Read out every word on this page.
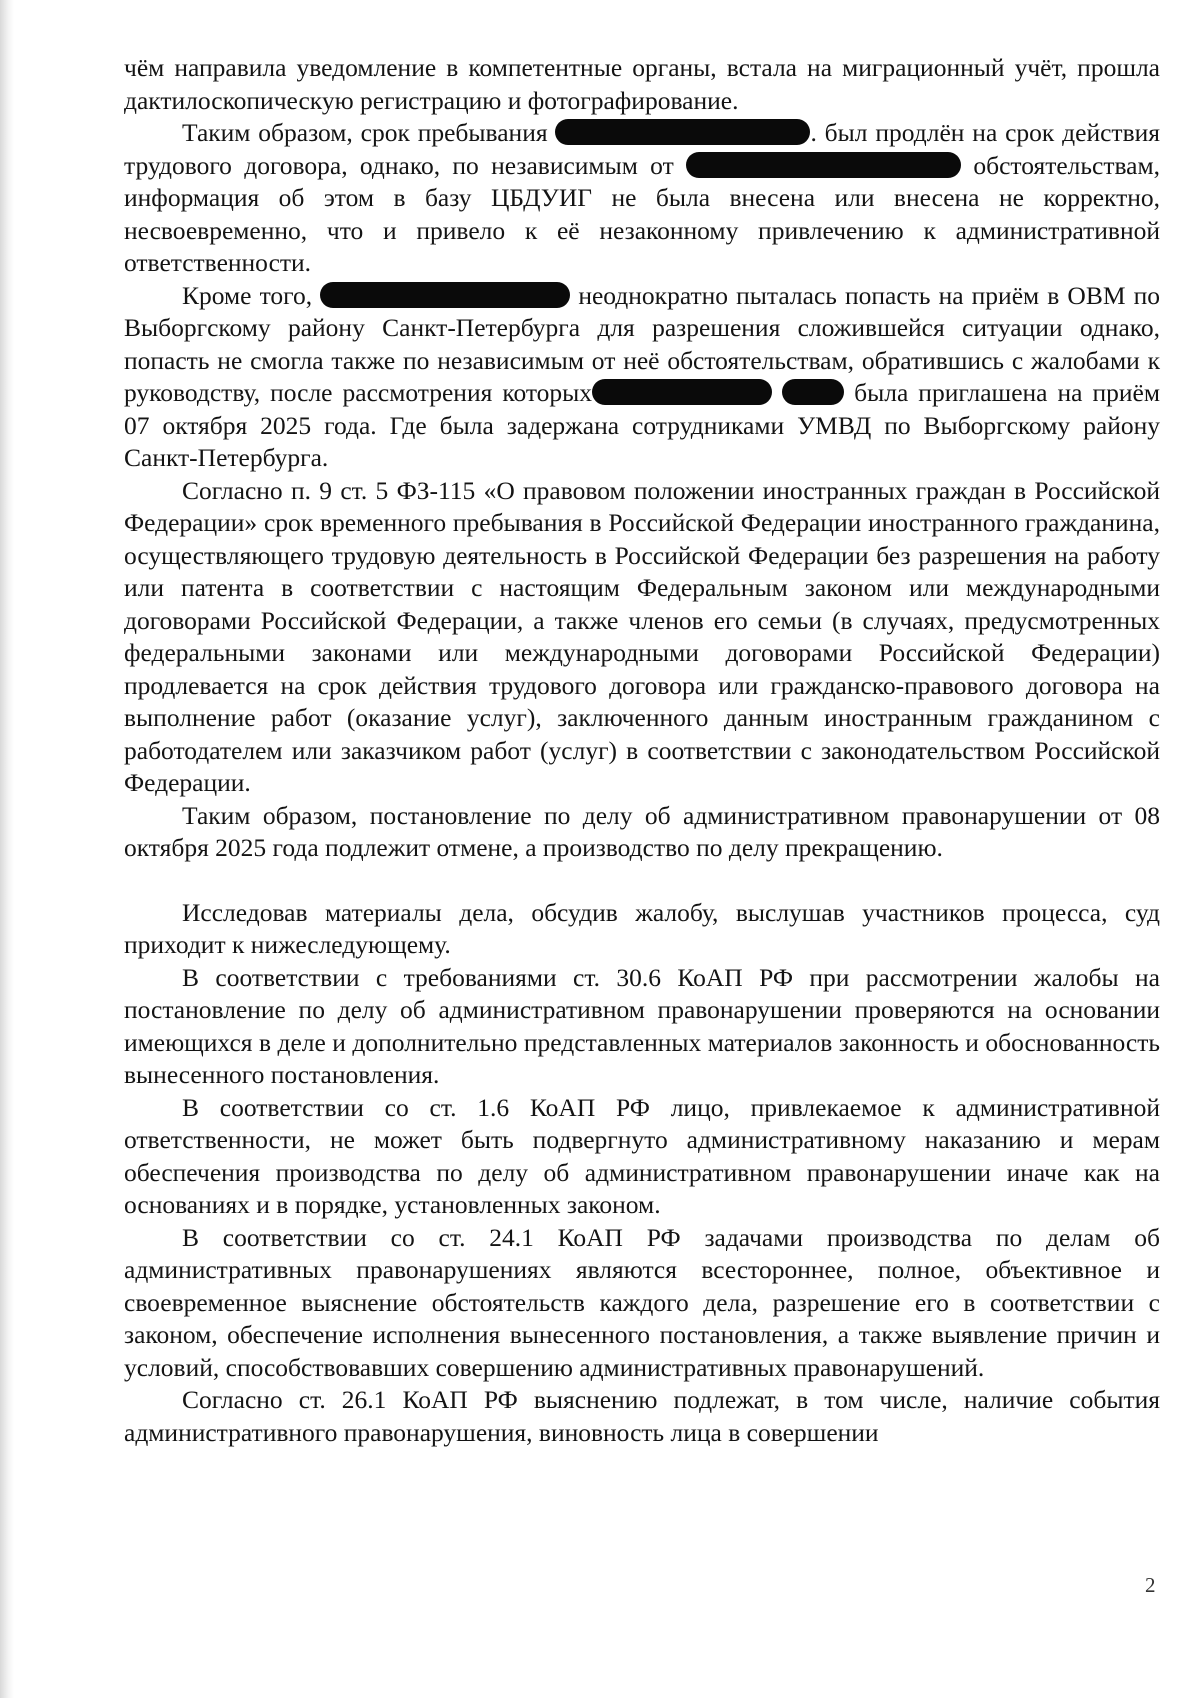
чём направила уведомление в компетентные органы, встала на миграционный учёт, прошла дактилоскопическую регистрацию и фотографирование.

Таким образом, срок пребывания	. был продлён на срок действия трудового договора, однако, по независимым от	обстоятельствам, информация об этом в базу ЦБДУИГ не была внесена или внесена не корректно, несвоевременно, что и привело к её незаконному привлечению к административной ответственности.

Кроме того,	неоднократно пыталась попасть на приём в ОВМ по Выборгскому району Санкт-Петербурга для разрешения сложившейся ситуации однако, попасть не смогла также по независимым от неё обстоятельствам, обратившись с жалобами к руководству, после рассмотрения которых	была приглашена на приём 07 октября 2025 года. Где была задержана сотрудниками УМВД по Выборгскому району Санкт-Петербурга.

Согласно п. 9 ст. 5 ФЗ-115 «О правовом положении иностранных граждан в Российской Федерации» срок временного пребывания в Российской Федерации иностранного гражданина, осуществляющего трудовую деятельность в Российской Федерации без разрешения на работу или патента в соответствии с настоящим Федеральным законом или международными договорами Российской Федерации, а также членов его семьи (в случаях, предусмотренных федеральными законами или международными договорами Российской Федерации) продлевается на срок действия трудового договора или гражданско-правового договора на выполнение работ (оказание услуг), заключенного данным иностранным гражданином с работодателем или заказчиком работ (услуг) в соответствии с законодательством Российской Федерации.

Таким образом, постановление по делу об административном правонарушении от 08 октября 2025 года подлежит отмене, а производство по делу прекращению.

Исследовав материалы дела, обсудив жалобу, выслушав участников процесса, суд приходит к нижеследующему.

В соответствии с требованиями ст. 30.6 КоАП РФ при рассмотрении жалобы на постановление по делу об административном правонарушении проверяются на основании имеющихся в деле и дополнительно представленных материалов законность и обоснованность вынесенного постановления.

В соответствии со ст. 1.6 КоАП РФ лицо, привлекаемое к административной ответственности, не может быть подвергнуто административному наказанию и мерам обеспечения производства по делу об административном правонарушении иначе как на основаниях и в порядке, установленных законом.

В соответствии со ст. 24.1 КоАП РФ задачами производства по делам об административных правонарушениях являются всестороннее, полное, объективное и своевременное выяснение обстоятельств каждого дела, разрешение его в соответствии с законом, обеспечение исполнения вынесенного постановления, а также выявление причин и условий, способствовавших совершению административных правонарушений.

Согласно ст. 26.1 КоАП РФ выяснению подлежат, в том числе, наличие события административного правонарушения, виновность лица в совершении

2
